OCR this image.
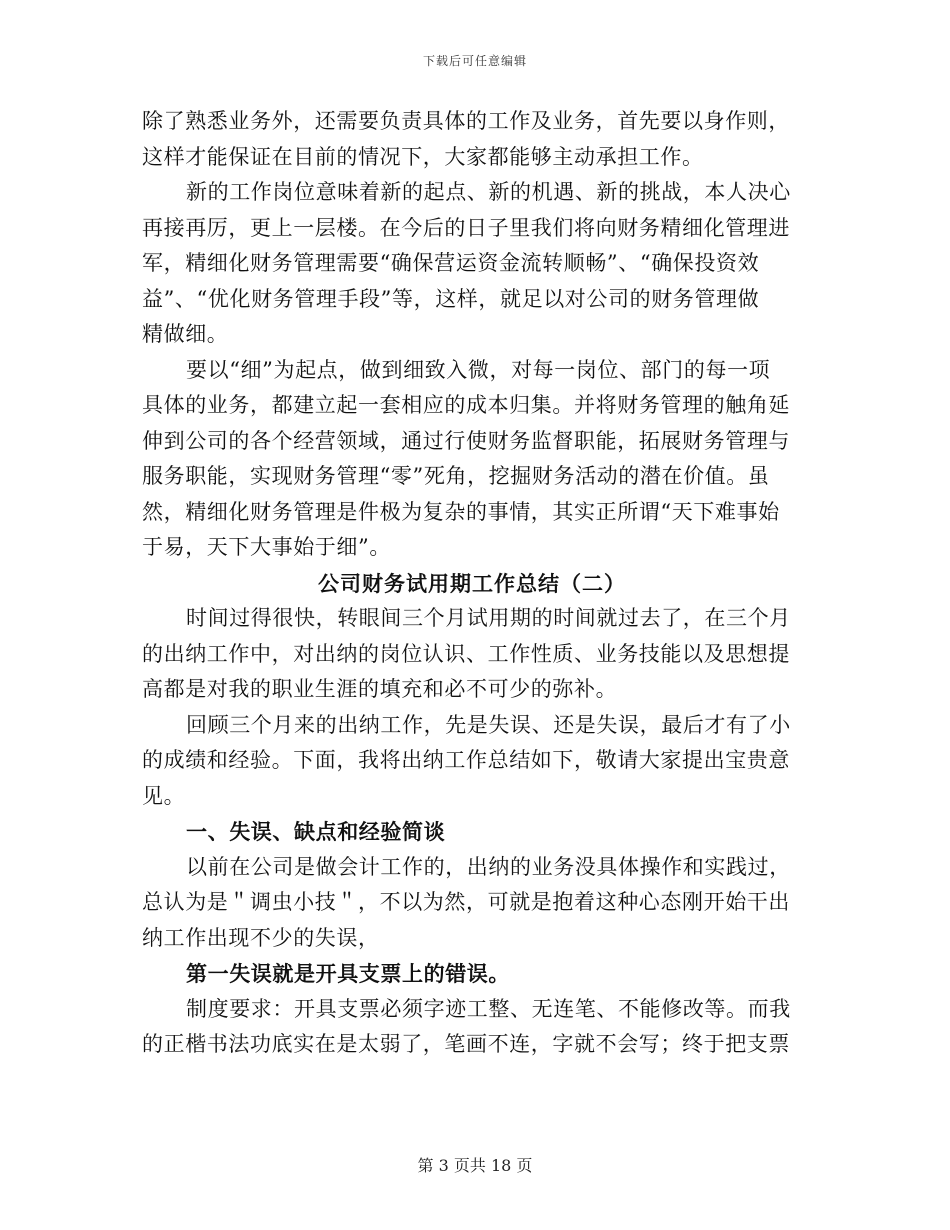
下载后可任意编辑
除了熟悉业务外，还需要负责具体的工作及业务，首先要以身作则，
这样才能保证在目前的情况下，大家都能够主动承担工作。
新的工作岗位意味着新的起点、新的机遇、新的挑战，本人决心
再接再厉，更上一层楼。在今后的日子里我们将向财务精细化管理进
军，精细化财务管理需要“确保营运资金流转顺畅”、“确保投资效
益”、“优化财务管理手段”等，这样，就足以对公司的财务管理做
精做细。
要以“细”为起点，做到细致入微，对每一岗位、部门的每一项
具体的业务，都建立起一套相应的成本归集。并将财务管理的触角延
伸到公司的各个经营领域，通过行使财务监督职能，拓展财务管理与
服务职能，实现财务管理“零”死角，挖掘财务活动的潜在价值。虽
然，精细化财务管理是件极为复杂的事情，其实正所谓“天下难事始
于易，天下大事始于细”。
公司财务试用期工作总结（二）
时间过得很快，转眼间三个月试用期的时间就过去了，在三个月
的出纳工作中，对出纳的岗位认识、工作性质、业务技能以及思想提
高都是对我的职业生涯的填充和必不可少的弥补。
回顾三个月来的出纳工作，先是失误、还是失误，最后才有了小
的成绩和经验。下面，我将出纳工作总结如下，敬请大家提出宝贵意
见。
一、失误、缺点和经验简谈
以前在公司是做会计工作的，出纳的业务没具体操作和实践过，
总认为是＂调虫小技＂，不以为然，可就是抱着这种心态刚开始干出
纳工作出现不少的失误，
第一失误就是开具支票上的错误。
制度要求：开具支票必须字迹工整、无连笔、不能修改等。而我
的正楷书法功底实在是太弱了，笔画不连，字就不会写；终于把支票
第 3 页共 18 页
